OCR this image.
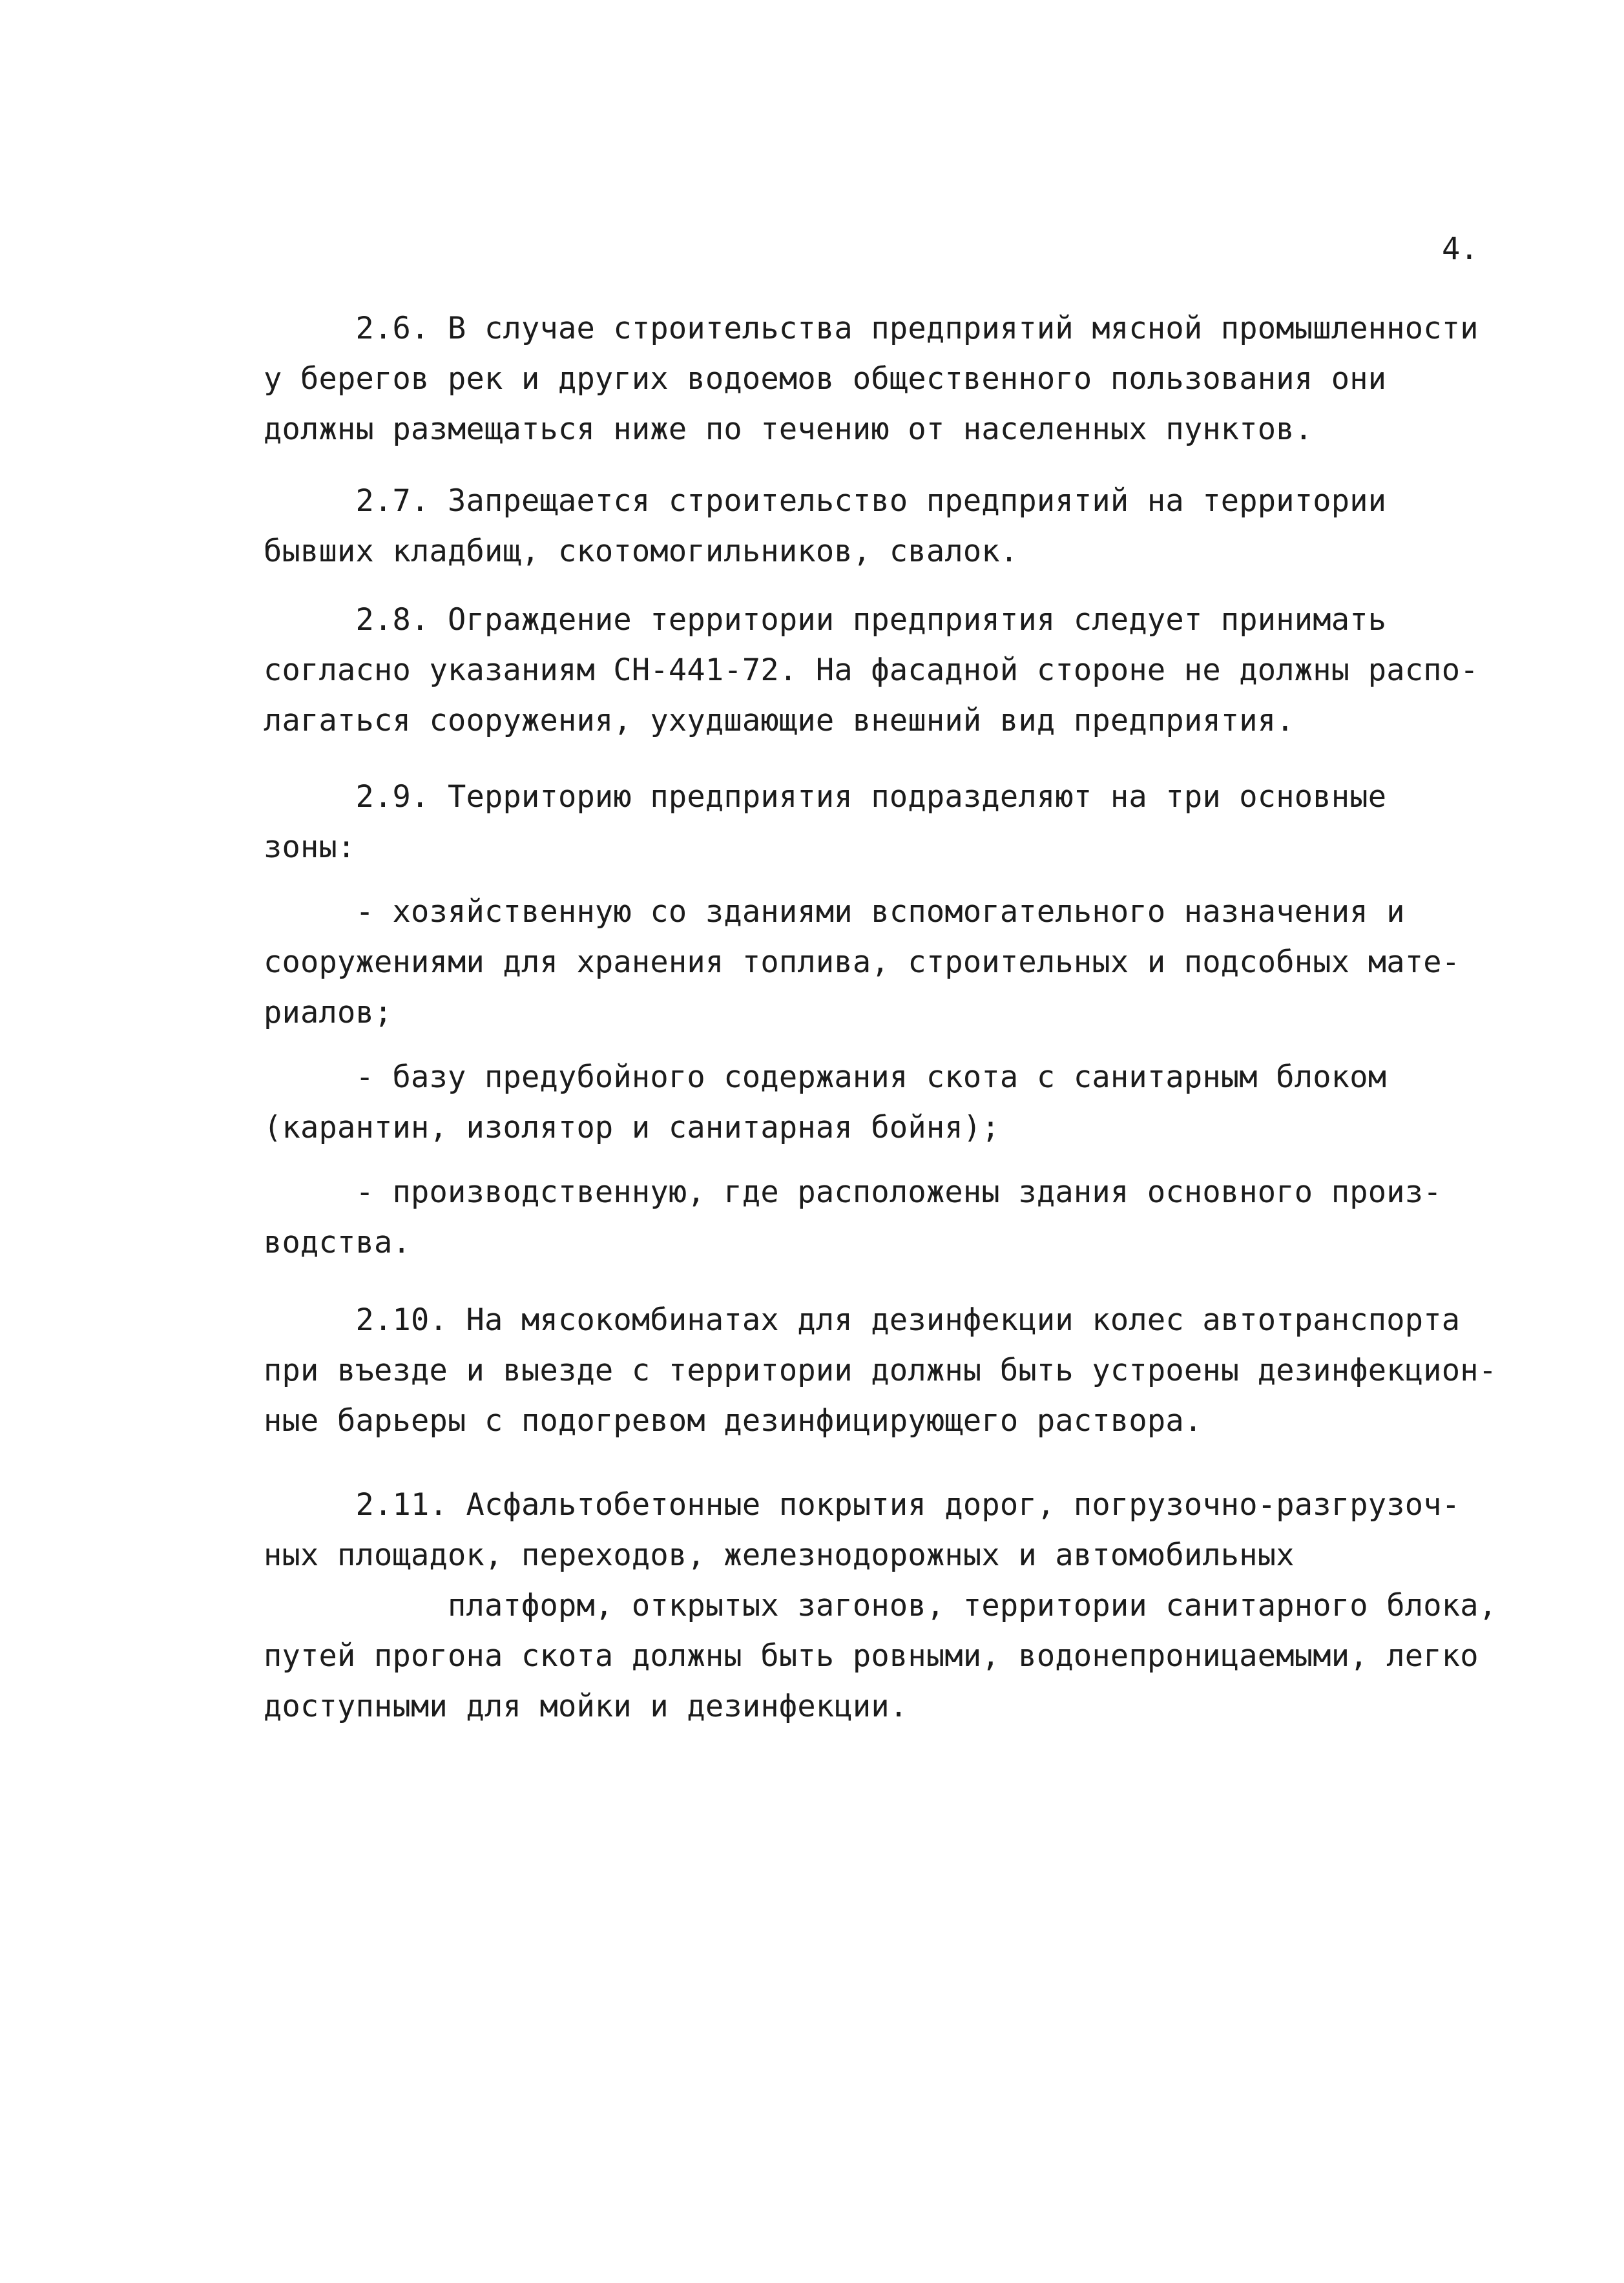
4.
2.6. В случае строительства предприятий мясной промышленности
у берегов рек и других водоемов общественного пользования они
должны размещаться ниже по течению от населенных пунктов.
2.7. Запрещается строительство предприятий на территории
бывших кладбищ, скотомогильников, свалок.
2.8. Ограждение территории предприятия следует принимать
согласно указаниям СН-441-72. На фасадной стороне не должны распо-
лагаться сооружения, ухудшающие внешний вид предприятия.
2.9. Территорию предприятия подразделяют на три основные
зоны:
- хозяйственную со зданиями вспомогательного назначения и
сооружениями для хранения топлива, строительных и подсобных мате-
риалов;
- базу предубойного содержания скота с санитарным блоком
(карантин, изолятор и санитарная бойня);
- производственную, где расположены здания основного произ-
водства.
2.10. На мясокомбинатах для дезинфекции колес автотранспорта
при въезде и выезде с территории должны быть устроены дезинфекцион-
ные барьеры с подогревом дезинфицирующего раствора.
2.11. Асфальтобетонные покрытия дорог, погрузочно-разгрузоч-
ных площадок, переходов, железнодорожных и автомобильных
платформ, открытых загонов, территории санитарного блока,
путей прогона скота должны быть ровными, водонепроницаемыми, легко
доступными для мойки и дезинфекции.
